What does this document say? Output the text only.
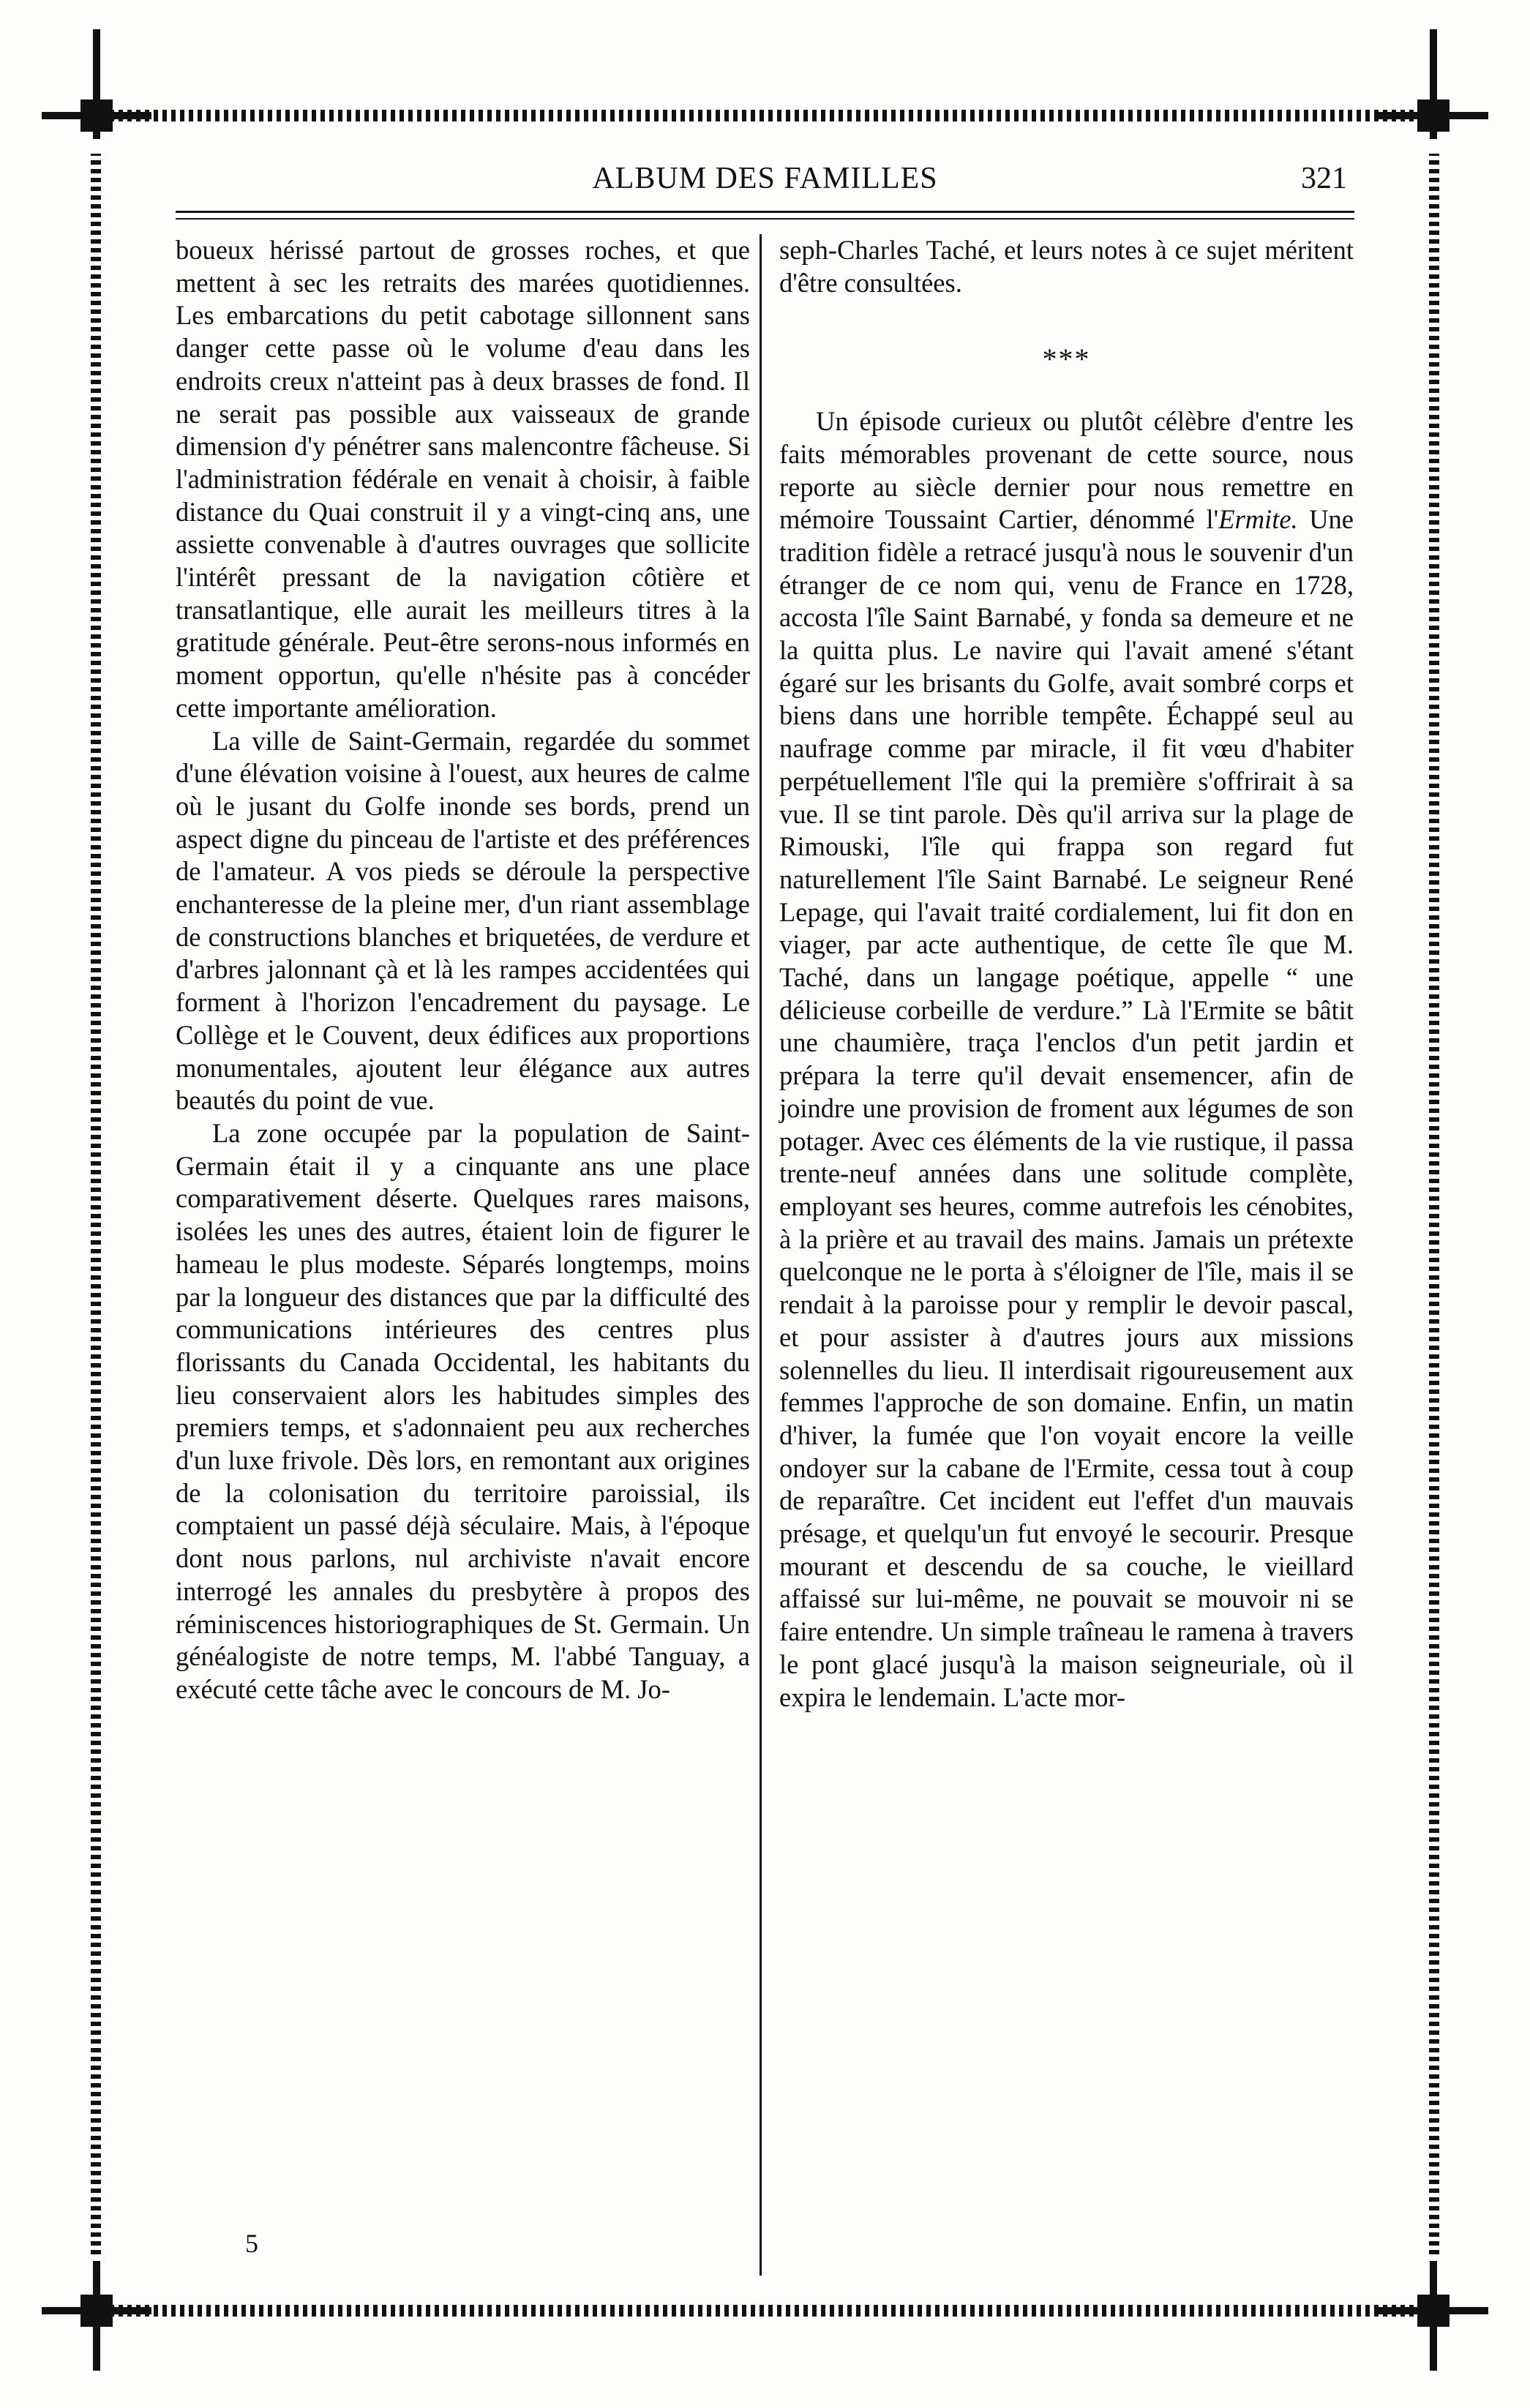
ALBUM DES FAMILLES	321

boueux hérissé partout de grosses roches, et que mettent à sec les retraits des marées quotidiennes. Les embarcations du petit cabotage sillonnent sans danger cette passe où le volume d'eau dans les endroits creux n'atteint pas à deux brasses de fond. Il ne serait pas possible aux vaisseaux de grande dimension d'y pénétrer sans malencontre fâcheuse. Si l'administration fédérale en venait à choisir, à faible distance du Quai construit il y a vingt-cinq ans, une assiette convenable à d'autres ouvrages que sollicite l'intérêt pressant de la navigation côtière et transatlantique, elle aurait les meilleurs titres à la gratitude générale. Peut-être serons-nous informés en moment opportun, qu'elle n'hésite pas à concéder cette importante amélioration.

La ville de Saint-Germain, regardée du sommet d'une élévation voisine à l'ouest, aux heures de calme où le jusant du Golfe inonde ses bords, prend un aspect digne du pinceau de l'artiste et des préférences de l'amateur. A vos pieds se déroule la perspective enchanteresse de la pleine mer, d'un riant assemblage de constructions blanches et briquetées, de verdure et d'arbres jalonnant çà et là les rampes accidentées qui forment à l'horizon l'encadrement du paysage. Le Collège et le Couvent, deux édifices aux proportions monumentales, ajoutent leur élégance aux autres beautés du point de vue.

La zone occupée par la population de Saint-Germain était il y a cinquante ans une place comparativement déserte. Quelques rares maisons, isolées les unes des autres, étaient loin de figurer le hameau le plus modeste. Séparés longtemps, moins par la longueur des distances que par la difficulté des communications intérieures des centres plus florissants du Canada Occidental, les habitants du lieu conservaient alors les habitudes simples des premiers temps, et s'adonnaient peu aux recherches d'un luxe frivole. Dès lors, en remontant aux origines de la colonisation du territoire paroissial, ils comptaient un passé déjà séculaire. Mais, à l'époque dont nous parlons, nul archiviste n'avait encore interrogé les annales du presbytère à propos des réminiscences historiographiques de St. Germain. Un généalogiste de notre temps, M. l'abbé Tanguay, a exécuté cette tâche avec le concours de M. Jo-

seph-Charles Taché, et leurs notes à ce sujet méritent d'être consultées.

***

Un épisode curieux ou plutôt célèbre d'entre les faits mémorables provenant de cette source, nous reporte au siècle dernier pour nous remettre en mémoire Toussaint Cartier, dénommé l'Ermite. Une tradition fidèle a retracé jusqu'à nous le souvenir d'un étranger de ce nom qui, venu de France en 1728, accosta l'île Saint Barnabé, y fonda sa demeure et ne la quitta plus. Le navire qui l'avait amené s'étant égaré sur les brisants du Golfe, avait sombré corps et biens dans une horrible tempête. Échappé seul au naufrage comme par miracle, il fit vœu d'habiter perpétuellement l'île qui la première s'offrirait à sa vue. Il se tint parole. Dès qu'il arriva sur la plage de Rimouski, l'île qui frappa son regard fut naturellement l'île Saint Barnabé. Le seigneur René Lepage, qui l'avait traité cordialement, lui fit don en viager, par acte authentique, de cette île que M. Taché, dans un langage poétique, appelle “ une délicieuse corbeille de verdure.” Là l'Ermite se bâtit une chaumière, traça l'enclos d'un petit jardin et prépara la terre qu'il devait ensemencer, afin de joindre une provision de froment aux légumes de son potager. Avec ces éléments de la vie rustique, il passa trente-neuf années dans une solitude complète, employant ses heures, comme autrefois les cénobites, à la prière et au travail des mains. Jamais un prétexte quelconque ne le porta à s'éloigner de l'île, mais il se rendait à la paroisse pour y remplir le devoir pascal, et pour assister à d'autres jours aux missions solennelles du lieu. Il interdisait rigoureusement aux femmes l'approche de son domaine. Enfin, un matin d'hiver, la fumée que l'on voyait encore la veille ondoyer sur la cabane de l'Ermite, cessa tout à coup de reparaître. Cet incident eut l'effet d'un mauvais présage, et quelqu'un fut envoyé le secourir. Presque mourant et descendu de sa couche, le vieillard affaissé sur lui-même, ne pouvait se mouvoir ni se faire entendre. Un simple traîneau le ramena à travers le pont glacé jusqu'à la maison seigneuriale, où il expira le lendemain. L'acte mor-

5
